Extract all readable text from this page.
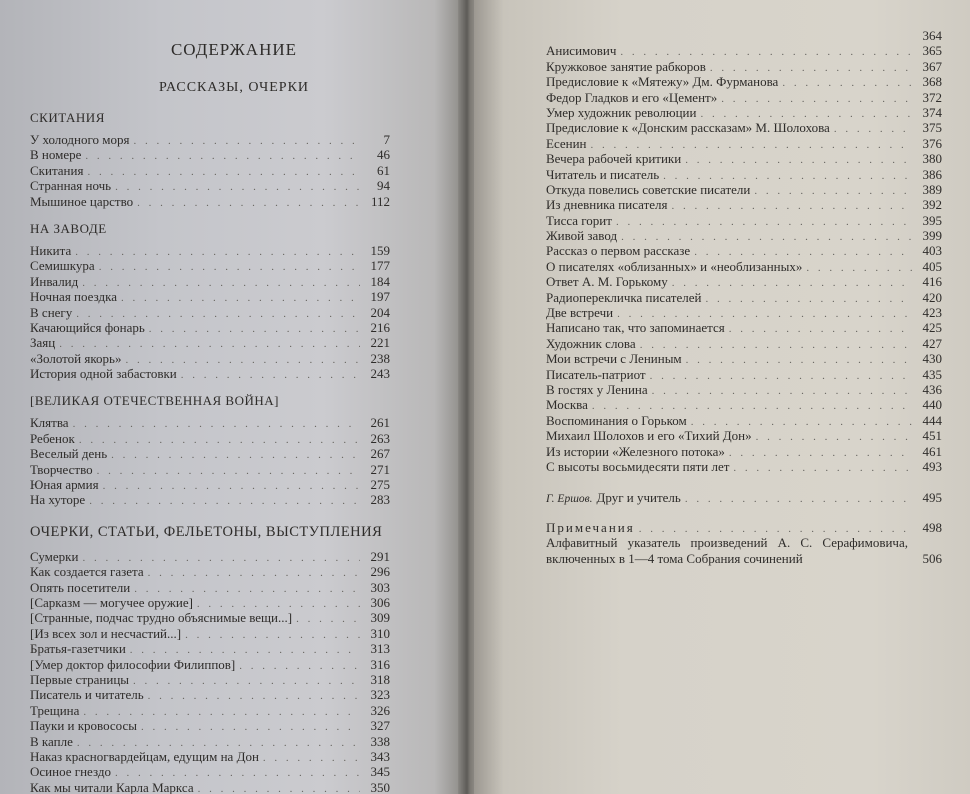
СОДЕРЖАНИЕ
РАССКАЗЫ, ОЧЕРКИ
СКИТАНИЯ
У холодного моря . . .	7
В номере . . .	46
Скитания . . .	61
Странная ночь . . .	94
Мышиное царство . . .	112
НА ЗАВОДЕ
Никита . . .	159
Семишкура . . .	177
Инвалид . . .	184
Ночная поездка . . .	197
В снегу . . .	204
Качающийся фонарь . . .	216
Заяц . . .	221
«Золотой якорь» . . .	238
История одной забастовки . . .	243
[ВЕЛИКАЯ ОТЕЧЕСТВЕННАЯ ВОЙНА]
Клятва . . .	261
Ребенок . . .	263
Веселый день . . .	267
Творчество . . .	271
Юная армия . . .	275
На хуторе . . .	283
ОЧЕРКИ, СТАТЬИ, ФЕЛЬЕТОНЫ, ВЫСТУПЛЕНИЯ
Сумерки . . .	291
Как создается газета . . .	296
Опять посетители . . .	303
[Сарказм — могучее оружие] . . .	306
[Странные, подчас трудно объяснимые вещи...] . . .	309
[Из всех зол и несчастий...] . . .	310
Братья-газетчики . . .	313
[Умер доктор философии Филиппов] . . .	316
Первые страницы . . .	318
Писатель и читатель . . .	323
Трещина . . .	326
Пауки и кровососы . . .	327
В капле . . .	338
Наказ красногвардейцам, едущим на Дон . . .	343
Осиное гнездо . . .	345
Как мы читали Карла Маркса . . .	350
364
Анисимович . . .	365
Кружковое занятие рабкоров . . .	367
Предисловие к «Мятежу» Дм. Фурманова . . .	368
Федор Гладков и его «Цемент» . . .	372
Умер художник революции . . .	374
Предисловие к «Донским рассказам» М. Шолохова . . .	375
Есенин . . .	376
Вечера рабочей критики . . .	380
Читатель и писатель . . .	386
Откуда повелись советские писатели . . .	389
Из дневника писателя . . .	392
Тисса горит . . .	395
Живой завод . . .	399
Рассказ о первом рассказе . . .	403
О писателях «облизанных» и «необлизанных» . . .	405
Ответ А. М. Горькому . . .	416
Радиоперекличка писателей . . .	420
Две встречи . . .	423
Написано так, что запоминается . . .	425
Художник слова . . .	427
Мои встречи с Лениным . . .	430
Писатель-патриот . . .	435
В гостях у Ленина . . .	436
Москва . . .	440
Воспоминания о Горьком . . .	444
Михаил Шолохов и его «Тихий Дон» . . .	451
Из истории «Железного потока» . . .	461
С высоты восьмидесяти пяти лет . . .	493
Г. Ершов. Друг и учитель . . .	495
Примечания . . .	498
Алфавитный указатель произведений А. С. Серафимовича, включенных в 1—4 тома Собрания сочинений	506
